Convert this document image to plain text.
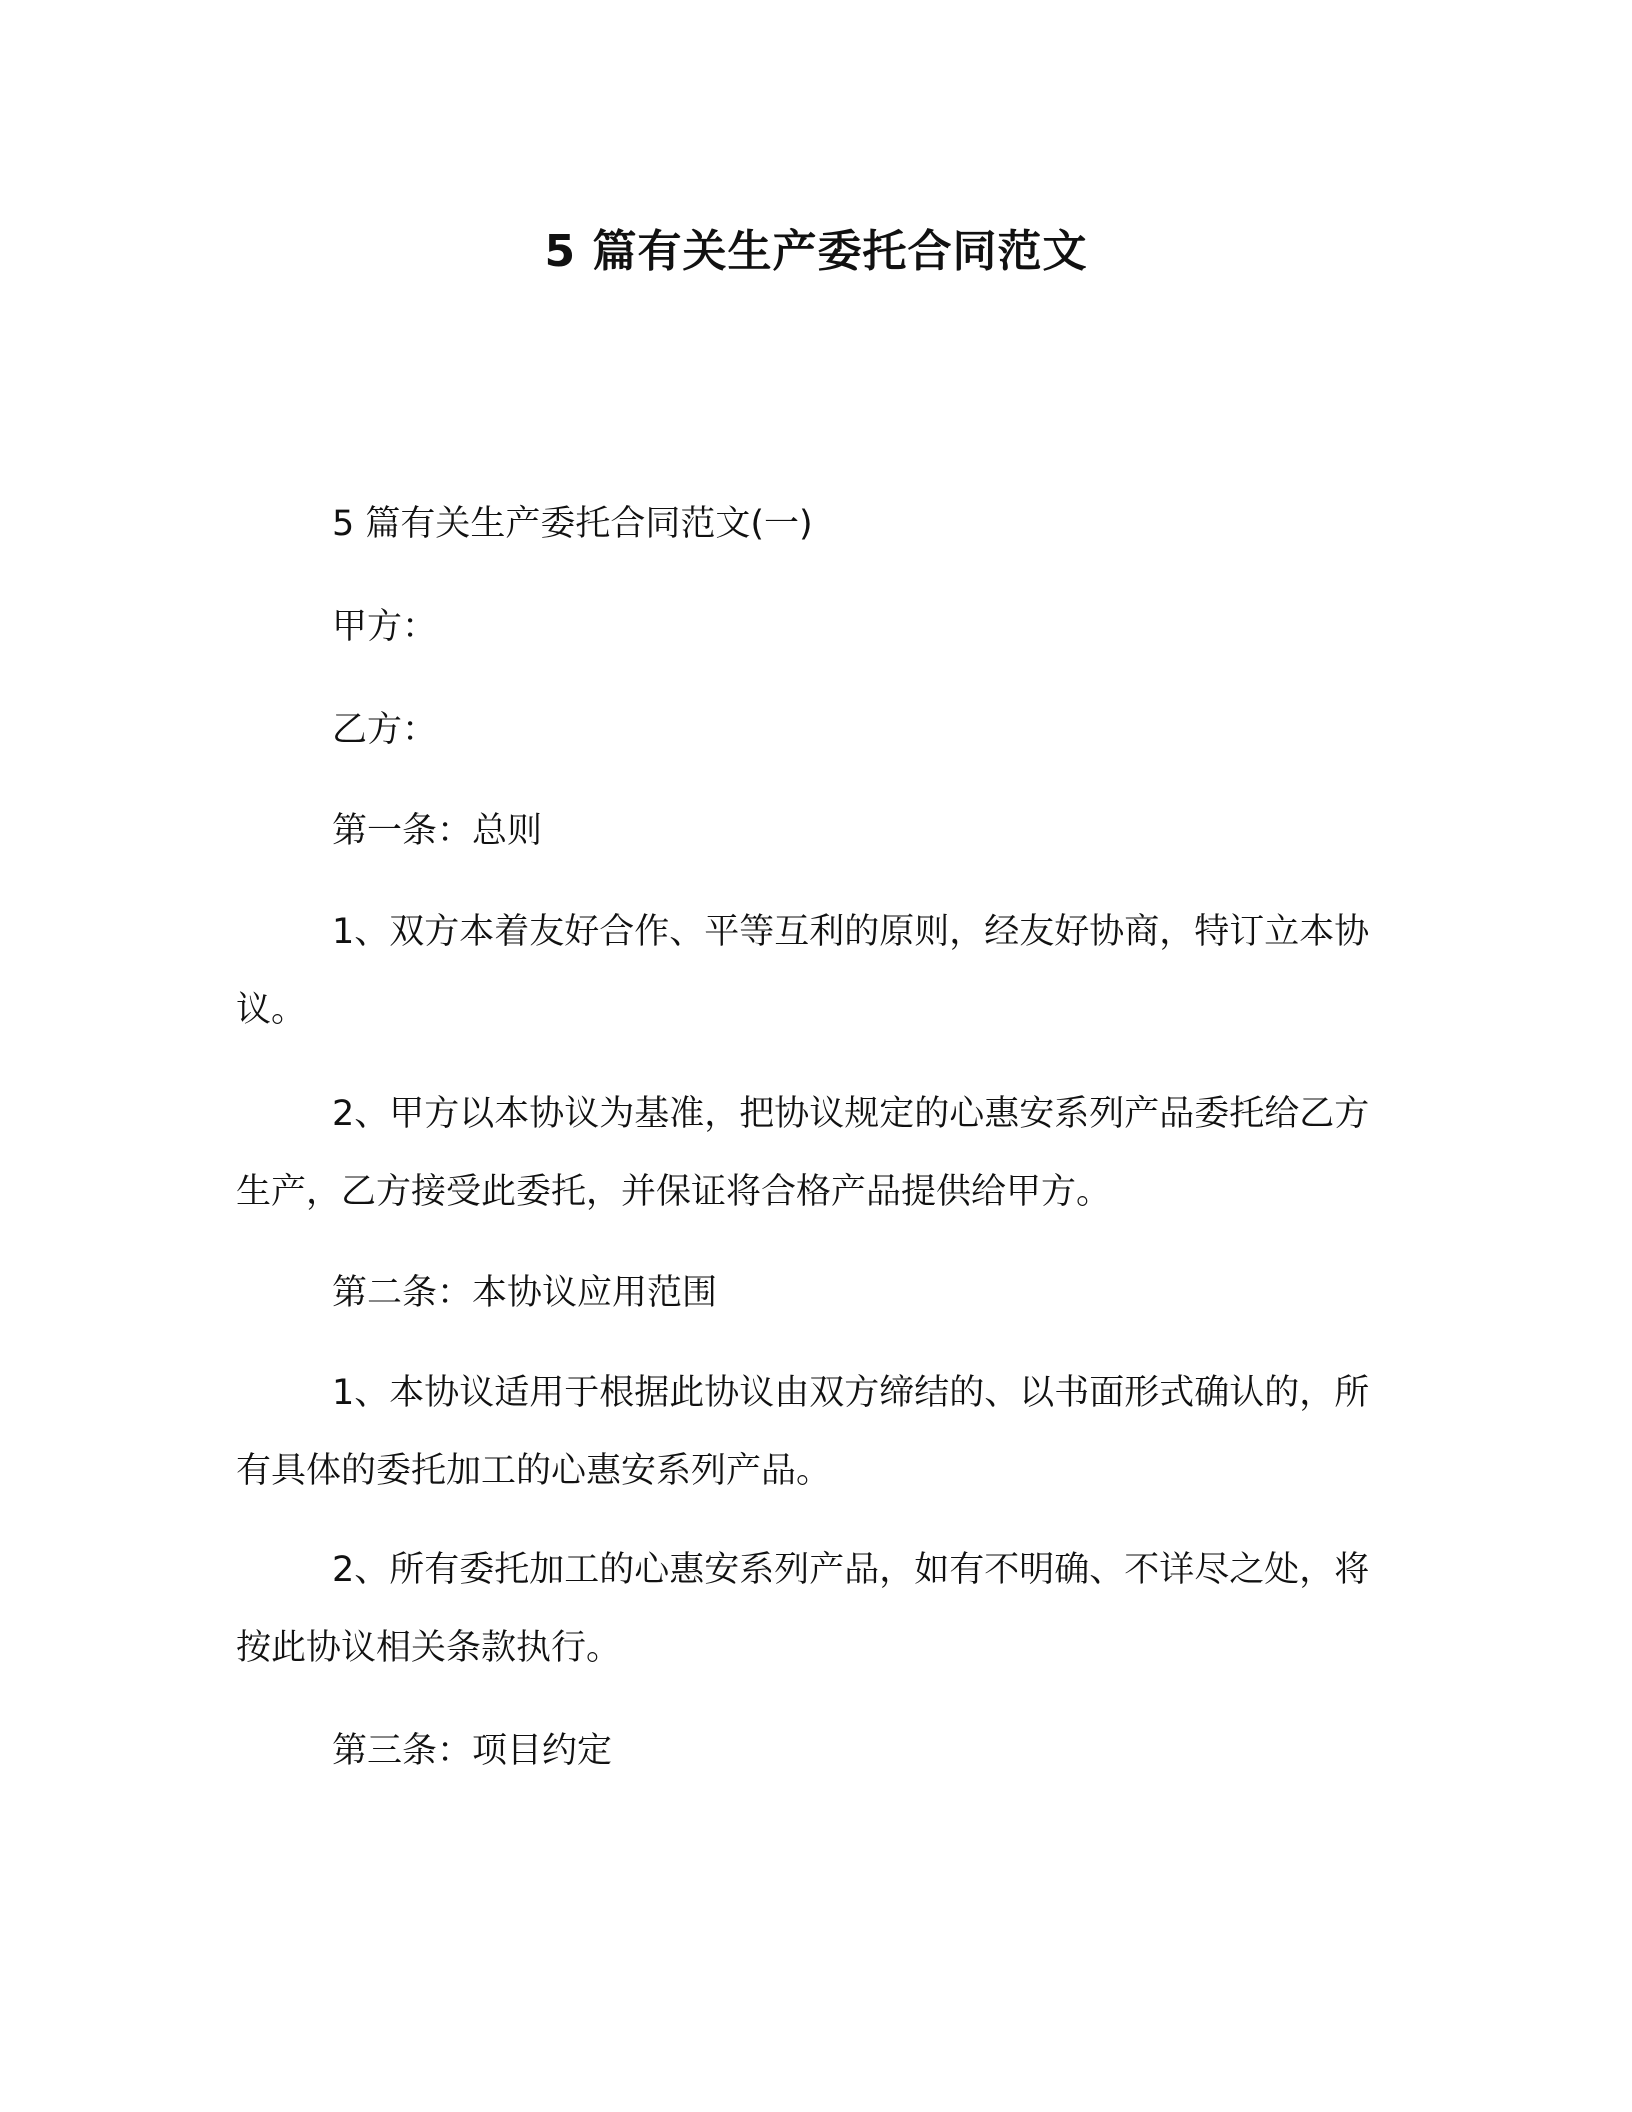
5 篇有关生产委托合同范文

5 篇有关生产委托合同范文(一)

甲方：

乙方：

第一条：总则

1、双方本着友好合作、平等互利的原则，经友好协商，特订立本协议。

2、甲方以本协议为基准，把协议规定的心惠安系列产品委托给乙方生产，乙方接受此委托，并保证将合格产品提供给甲方。

第二条：本协议应用范围

1、本协议适用于根据此协议由双方缔结的、以书面形式确认的，所有具体的委托加工的心惠安系列产品。

2、所有委托加工的心惠安系列产品，如有不明确、不详尽之处，将按此协议相关条款执行。

第三条：项目约定
